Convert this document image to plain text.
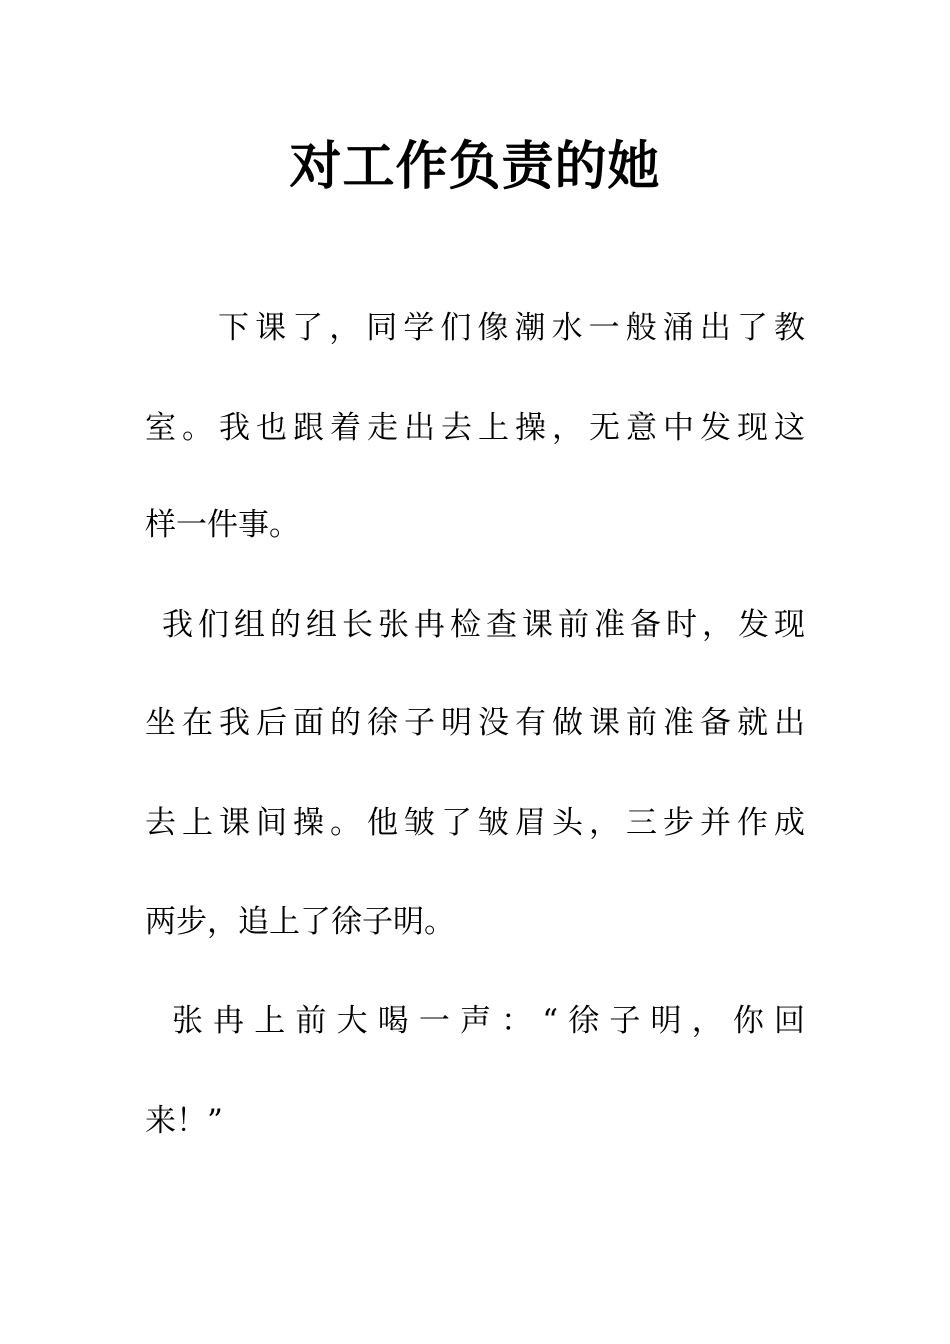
对工作负责的她

下课了，同学们像潮水一般涌出了教

室。我也跟着走出去上操，无意中发现这

样一件事。

我们组的组长张冉检查课前准备时，发现

坐在我后面的徐子明没有做课前准备就出

去上课间操。他皱了皱眉头，三步并作成

两步，追上了徐子明。

张冉上前大喝一声：“徐子明，你回

来！”
